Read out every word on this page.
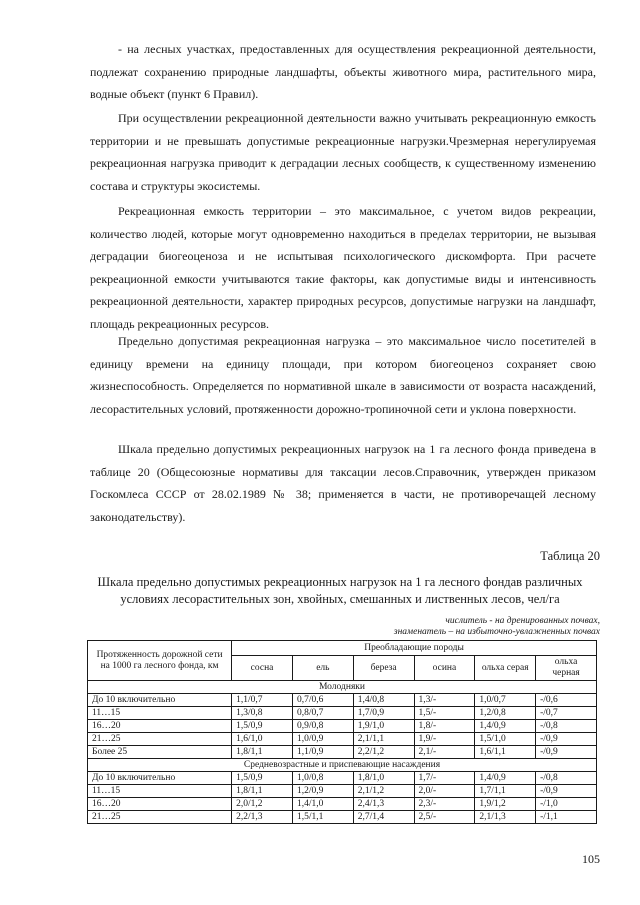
- на лесных участках, предоставленных для осуществления рекреационной деятельности, подлежат сохранению природные ландшафты, объекты животного мира, растительного мира, водные объект (пункт 6 Правил).

При осуществлении рекреационной деятельности важно учитывать рекреационную емкость территории и не превышать допустимые рекреационные нагрузки.Чрезмерная нерегулируемая рекреационная нагрузка приводит к деградации лесных сообществ, к существенному изменению состава и структуры экосистемы.

Рекреационная емкость территории – это максимальное, с учетом видов рекреации, количество людей, которые могут одновременно находиться в пределах территории, не вызывая деградации биогеоценоза и не испытывая психологического дискомфорта. При расчете рекреационной емкости учитываются такие факторы, как допустимые виды и интенсивность рекреационной деятельности, характер природных ресурсов, допустимые нагрузки на ландшафт, площадь рекреационных ресурсов.

Предельно допустимая рекреационная нагрузка – это максимальное число посетителей в единицу времени на единицу площади, при котором биогеоценоз сохраняет свою жизнеспособность. Определяется по нормативной шкале в зависимости от возраста насаждений, лесорастительных условий, протяженности дорожно-тропиночной сети и уклона поверхности.

Шкала предельно допустимых рекреационных нагрузок на 1 га лесного фонда приведена в таблице 20 (Общесоюзные нормативы для таксации лесов.Справочник, утвержден приказом Госкомлеса СССР от 28.02.1989 № 38; применяется в части, не противоречащей лесному законодательству).

Таблица 20
Шкала предельно допустимых рекреационных нагрузок на 1 га лесного фондав различных условиях лесорастительных зон, хвойных, смешанных и лиственных лесов, чел/га
числитель - на дренированных почвах,
знаменатель – на избыточно-увлажненных почвах
Протяженность дорожной сети на 1000 га лесного фонда, км	Преобладающие породы					
	сосна	ель	береза	осина	ольха серая	ольха черная
Молодняки						
До 10 включительно	1,1/0,7	0,7/0,6	1,4/0,8	1,3/-	1,0/0,7	-/0,6
11…15	1,3/0,8	0,8/0,7	1,7/0,9	1,5/-	1,2/0,8	-/0,7
16…20	1,5/0,9	0,9/0,8	1,9/1,0	1,8/-	1,4/0,9	-/0,8
21…25	1,6/1,0	1,0/0,9	2,1/1,1	1,9/-	1,5/1,0	-/0,9
Более 25	1,8/1,1	1,1/0,9	2,2/1,2	2,1/-	1,6/1,1	-/0,9
Средневозрастные и приспевающие насаждения						
До 10 включительно	1,5/0,9	1,0/0,8	1,8/1,0	1,7/-	1,4/0,9	-/0,8
11…15	1,8/1,1	1,2/0,9	2,1/1,2	2,0/-	1,7/1,1	-/0,9
16…20	2,0/1,2	1,4/1,0	2,4/1,3	2,3/-	1,9/1,2	-/1,0
21…25	2,2/1,3	1,5/1,1	2,7/1,4	2,5/-	2,1/1,3	-/1,1
105
